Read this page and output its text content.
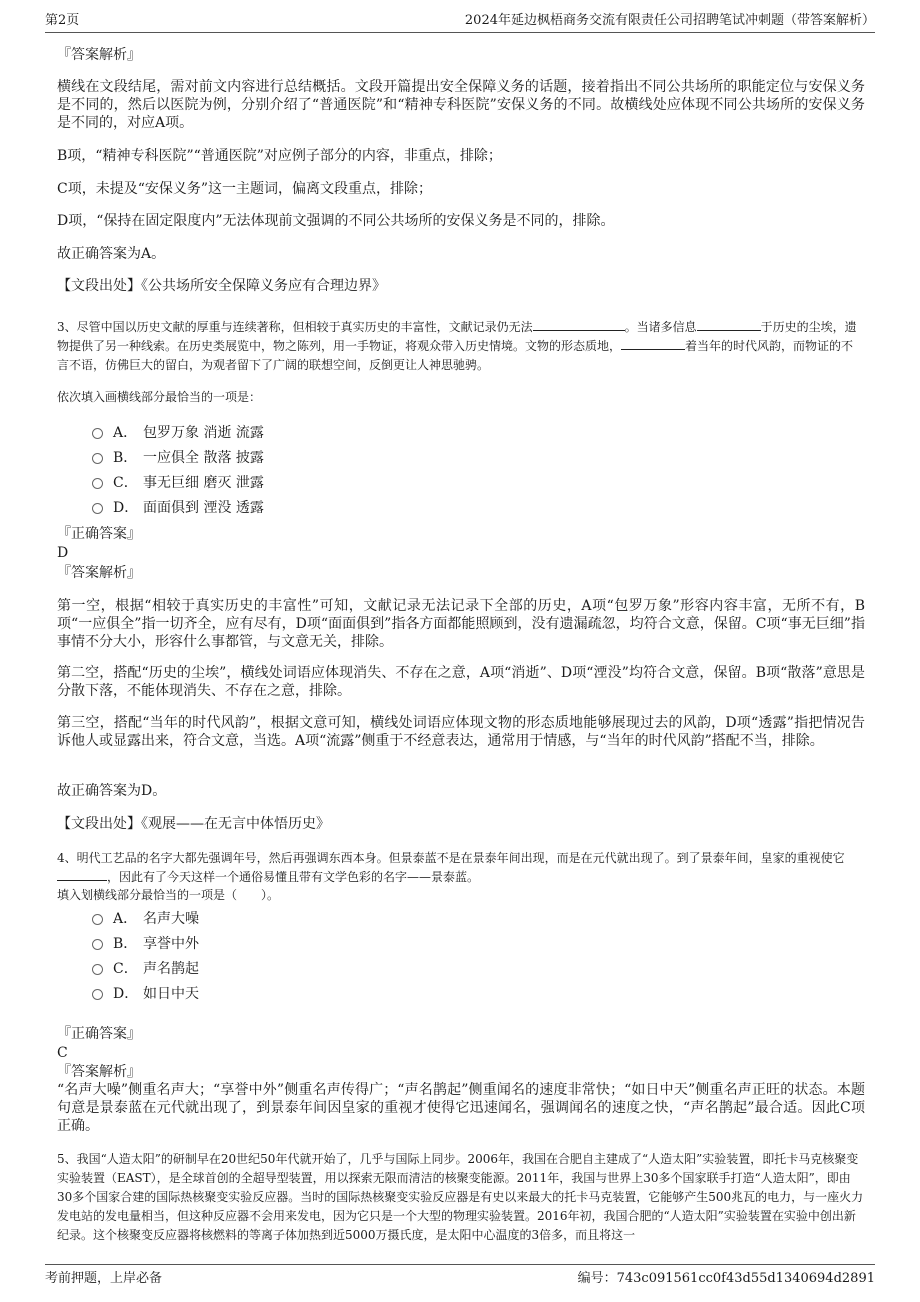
第2页	2024年延边枫梧商务交流有限责任公司招聘笔试冲刺题（带答案解析）

『答案解析』

横线在文段结尾，需对前文内容进行总结概括。文段开篇提出安全保障义务的话题，接着指出不同公共场所的职能定位与安保义务是不同的，然后以医院为例，分别介绍了“普通医院”和“精神专科医院”安保义务的不同。故横线处应体现不同公共场所的安保义务是不同的，对应A项。

B项，“精神专科医院”“普通医院”对应例子部分的内容，非重点，排除；

C项，未提及“安保义务”这一主题词，偏离文段重点，排除；

D项，“保持在固定限度内”无法体现前文强调的不同公共场所的安保义务是不同的，排除。

故正确答案为A。

【文段出处】《公共场所安全保障义务应有合理边界》

3、尽管中国以历史文献的厚重与连续著称，但相较于真实历史的丰富性，文献记录仍无法	。当诸多信息	于历史的尘埃，遗物提供了另一种线索。在历史类展览中，物之陈列，用一手物证，将观众带入历史情境。文物的形态质地，	着当年的时代风韵，而物证的不言不语，仿佛巨大的留白，为观者留下了广阔的联想空间，反倒更让人神思驰骋。

依次填入画横线部分最恰当的一项是：

A． 包罗万象 消逝 流露
B． 一应俱全 散落 披露
C． 事无巨细 磨灭 泄露
D． 面面俱到 湮没 透露

『正确答案』

D

『答案解析』

第一空，根据“相较于真实历史的丰富性”可知，文献记录无法记录下全部的历史，A项“包罗万象”形容内容丰富，无所不有，B项“一应俱全”指一切齐全，应有尽有，D项“面面俱到”指各方面都能照顾到，没有遗漏疏忽，均符合文意，保留。C项“事无巨细”指事情不分大小，形容什么事都管，与文意无关，排除。

第二空，搭配“历史的尘埃”，横线处词语应体现消失、不存在之意，A项“消逝”、D项“湮没”均符合文意，保留。B项“散落”意思是分散下落，不能体现消失、不存在之意，排除。

第三空，搭配“当年的时代风韵”，根据文意可知，横线处词语应体现文物的形态质地能够展现过去的风韵，D项“透露”指把情况告诉他人或显露出来，符合文意，当选。A项“流露”侧重于不经意表达，通常用于情感，与“当年的时代风韵”搭配不当，排除。

故正确答案为D。

【文段出处】《观展——在无言中体悟历史》

4、明代工艺品的名字大都先强调年号，然后再强调东西本身。但景泰蓝不是在景泰年间出现，而是在元代就出现了。到了景泰年间，皇家的重视使它，因此有了今天这样一个通俗易懂且带有文学色彩的名字——景泰蓝。

填入划横线部分最恰当的一项是（　　）。

A． 名声大噪
B． 享誉中外
C． 声名鹊起
D． 如日中天

『正确答案』

C

『答案解析』

“名声大噪”侧重名声大；“享誉中外”侧重名声传得广；“声名鹊起”侧重闻名的速度非常快；“如日中天”侧重名声正旺的状态。本题句意是景泰蓝在元代就出现了，到景泰年间因皇家的重视才使得它迅速闻名，强调闻名的速度之快，“声名鹊起”最合适。因此C项正确。

5、我国“人造太阳”的研制早在20世纪50年代就开始了，几乎与国际上同步。2006年，我国在合肥自主建成了“人造太阳”实验装置，即托卡马克核聚变实验装置（EAST），是全球首创的全超导型装置，用以探索无限而清洁的核聚变能源。2011年，我国与世界上30多个国家联手打造“人造太阳”，即由30多个国家合建的国际热核聚变实验反应器。当时的国际热核聚变实验反应器是有史以来最大的托卡马克装置，它能够产生500兆瓦的电力，与一座火力发电站的发电量相当，但这种反应器不会用来发电，因为它只是一个大型的物理实验装置。2016年初，我国合肥的“人造太阳”实验装置在实验中创出新纪录。这个核聚变反应器将核燃料的等离子体加热到近5000万摄氏度，是太阳中心温度的3倍多，而且将这一

考前押题，上岸必备	编号：743c091561cc0f43d55d1340694d2891
